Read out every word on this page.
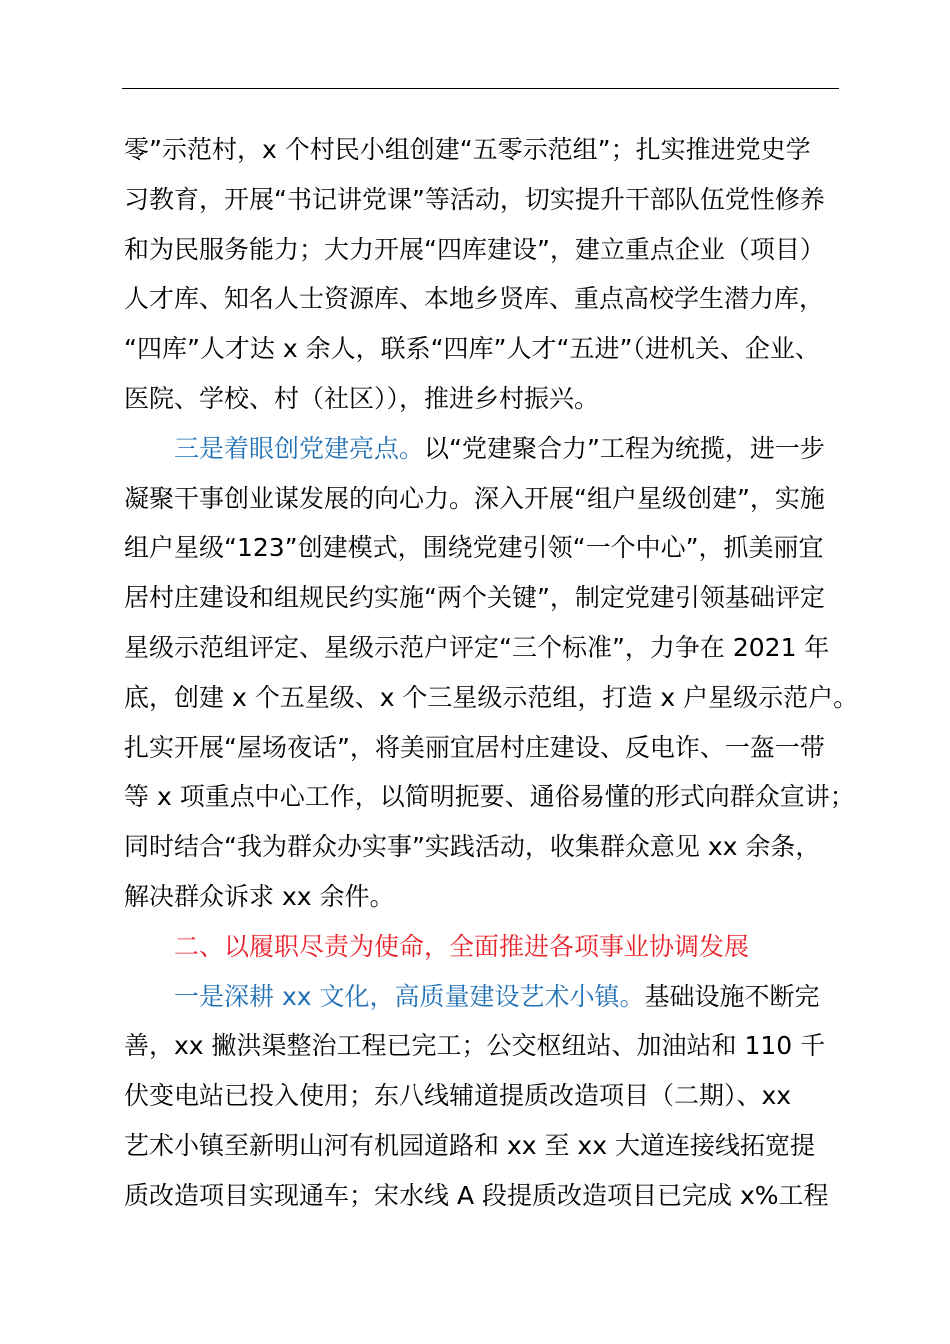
零”示范村，x 个村民小组创建“五零示范组”；扎实推进党史学
习教育，开展“书记讲党课”等活动，切实提升干部队伍党性修养
和为民服务能力；大力开展“四库建设”，建立重点企业（项目）
人才库、知名人士资源库、本地乡贤库、重点高校学生潜力库，
“四库”人才达 x 余人，联系“四库”人才“五进”（进机关、企业、
医院、学校、村（社区）），推进乡村振兴。
三是着眼创党建亮点。以“党建聚合力”工程为统揽，进一步
凝聚干事创业谋发展的向心力。深入开展“组户星级创建”，实施
组户星级“123”创建模式，围绕党建引领“一个中心”，抓美丽宜
居村庄建设和组规民约实施“两个关键”，制定党建引领基础评定
星级示范组评定、星级示范户评定“三个标准”，力争在 2021 年
底，创建 x 个五星级、x 个三星级示范组，打造 x 户星级示范户。
扎实开展“屋场夜话”，将美丽宜居村庄建设、反电诈、一盔一带
等 x 项重点中心工作，以简明扼要、通俗易懂的形式向群众宣讲；
同时结合“我为群众办实事”实践活动，收集群众意见 xx 余条，
解决群众诉求 xx 余件。
二、以履职尽责为使命，全面推进各项事业协调发展
一是深耕 xx 文化，高质量建设艺术小镇。基础设施不断完
善，xx 撇洪渠整治工程已完工；公交枢纽站、加油站和 110 千
伏变电站已投入使用；东八线辅道提质改造项目（二期）、xx
艺术小镇至新明山河有机园道路和 xx 至 xx 大道连接线拓宽提
质改造项目实现通车；宋水线 A 段提质改造项目已完成 x%工程
